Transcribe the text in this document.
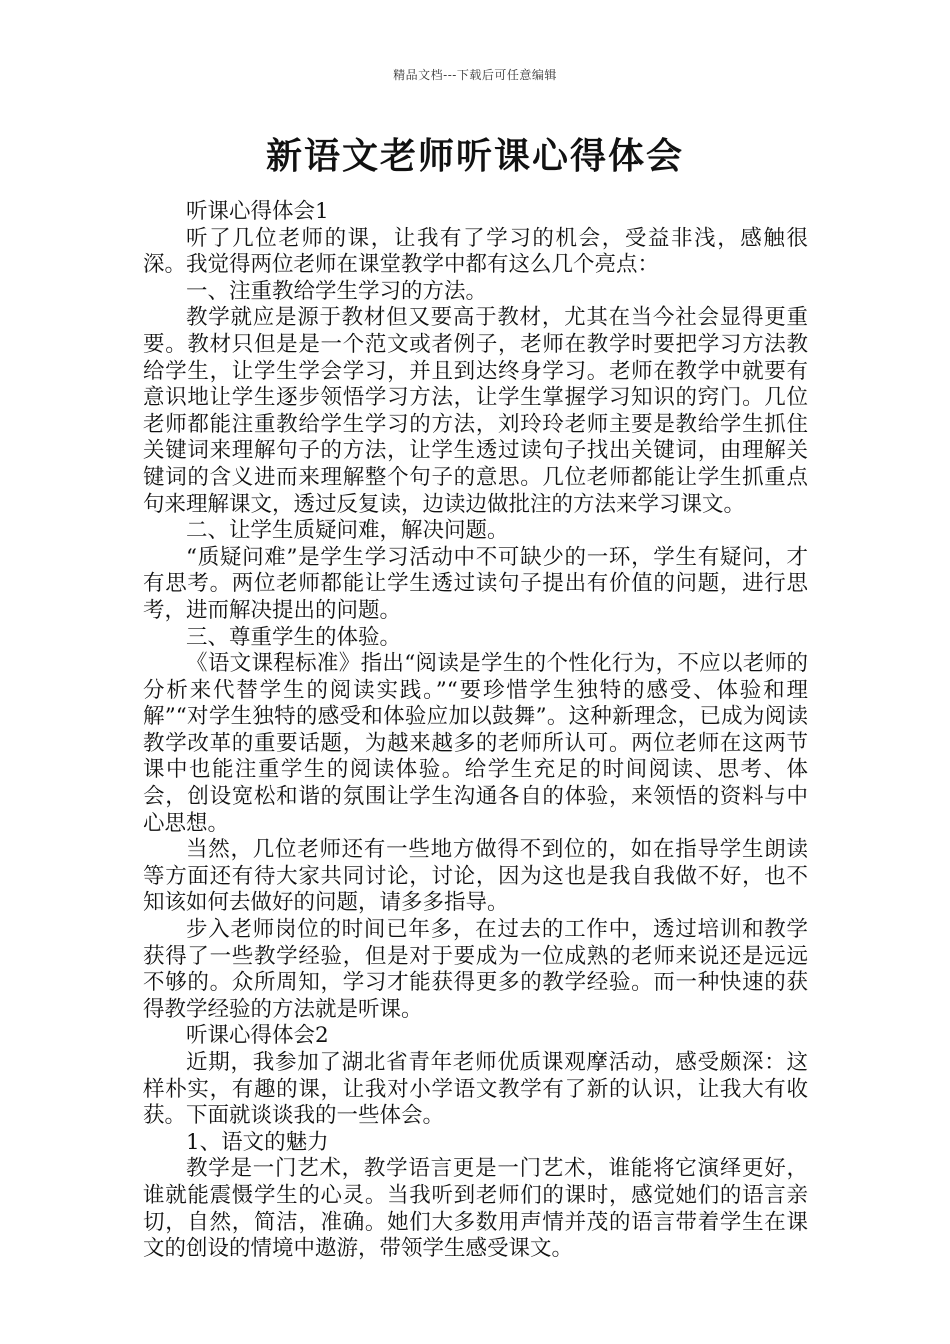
精品文档---下载后可任意编辑
新语文老师听课心得体会

听课心得体会1

听了几位老师的课，让我有了学习的机会，受益非浅，感触很深。我觉得两位老师在课堂教学中都有这么几个亮点：

一、注重教给学生学习的方法。

教学就应是源于教材但又要高于教材，尤其在当今社会显得更重要。教材只但是是一个范文或者例子，老师在教学时要把学习方法教给学生，让学生学会学习，并且到达终身学习。老师在教学中就要有意识地让学生逐步领悟学习方法，让学生掌握学习知识的窍门。几位老师都能注重教给学生学习的方法，刘玲玲老师主要是教给学生抓住关键词来理解句子的方法，让学生透过读句子找出关键词，由理解关键词的含义进而来理解整个句子的意思。几位老师都能让学生抓重点句来理解课文，透过反复读，边读边做批注的方法来学习课文。

二、让学生质疑问难，解决问题。

“质疑问难”是学生学习活动中不可缺少的一环，学生有疑问，才有思考。两位老师都能让学生透过读句子提出有价值的问题，进行思考，进而解决提出的问题。

三、尊重学生的体验。

《语文课程标准》指出“阅读是学生的个性化行为，不应以老师的分析来代替学生的阅读实践。”“要珍惜学生独特的感受、体验和理解”“对学生独特的感受和体验应加以鼓舞”。这种新理念，已成为阅读教学改革的重要话题，为越来越多的老师所认可。两位老师在这两节课中也能注重学生的阅读体验。给学生充足的时间阅读、思考、体会，创设宽松和谐的氛围让学生沟通各自的体验，来领悟的资料与中心思想。

当然，几位老师还有一些地方做得不到位的，如在指导学生朗读等方面还有待大家共同讨论，讨论，因为这也是我自我做不好，也不知该如何去做好的问题，请多多指导。

步入老师岗位的时间已年多，在过去的工作中，透过培训和教学获得了一些教学经验，但是对于要成为一位成熟的老师来说还是远远不够的。众所周知，学习才能获得更多的教学经验。而一种快速的获得教学经验的方法就是听课。

听课心得体会2

近期，我参加了湖北省青年老师优质课观摩活动，感受颇深：这样朴实，有趣的课，让我对小学语文教学有了新的认识，让我大有收获。下面就谈谈我的一些体会。

1、语文的魅力

教学是一门艺术，教学语言更是一门艺术，谁能将它演绎更好，谁就能震慑学生的心灵。当我听到老师们的课时，感觉她们的语言亲切，自然，简洁，准确。她们大多数用声情并茂的语言带着学生在课文的创设的情境中遨游，带领学生感受课文。
